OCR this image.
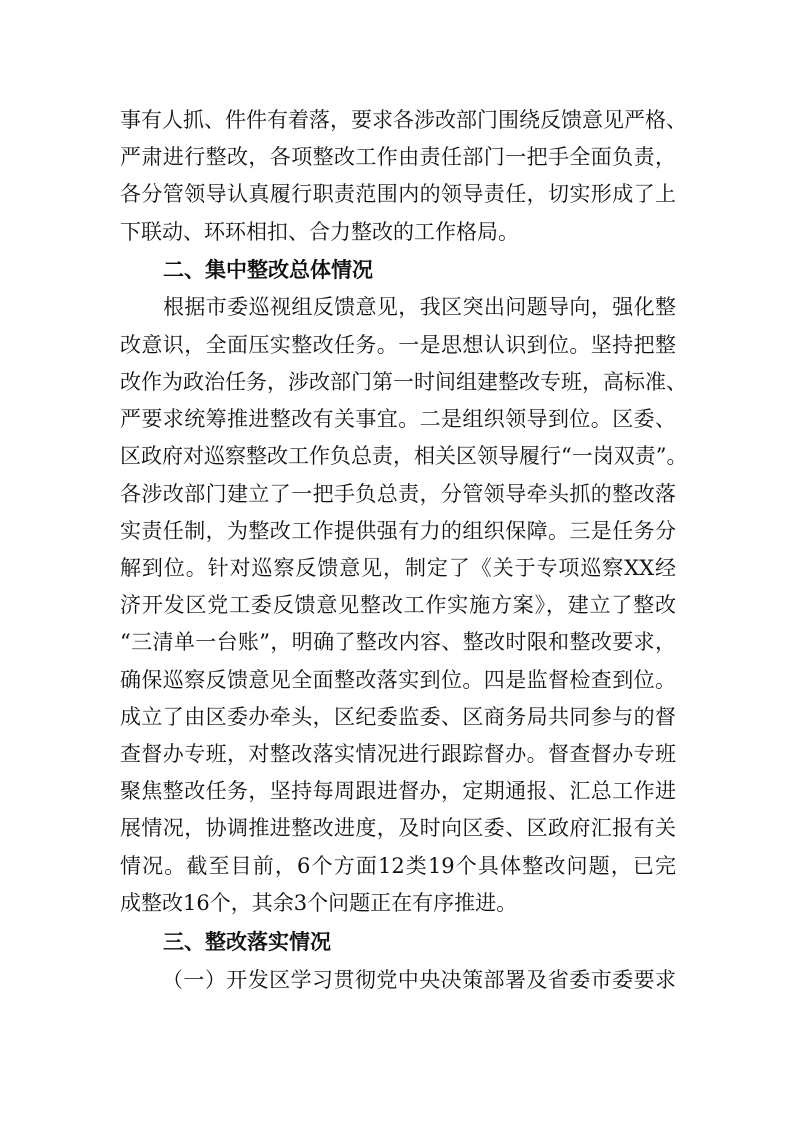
事有人抓、件件有着落，要求各涉改部门围绕反馈意见严格、
严肃进行整改，各项整改工作由责任部门一把手全面负责，
各分管领导认真履行职责范围内的领导责任，切实形成了上
下联动、环环相扣、合力整改的工作格局。
二、集中整改总体情况
根据市委巡视组反馈意见，我区突出问题导向，强化整
改意识，全面压实整改任务。一是思想认识到位。坚持把整
改作为政治任务，涉改部门第一时间组建整改专班，高标准、
严要求统筹推进整改有关事宜。二是组织领导到位。区委、
区政府对巡察整改工作负总责，相关区领导履行“一岗双责”。
各涉改部门建立了一把手负总责，分管领导牵头抓的整改落
实责任制，为整改工作提供强有力的组织保障。三是任务分
解到位。针对巡察反馈意见，制定了《关于专项巡察XX经
济开发区党工委反馈意见整改工作实施方案》，建立了整改
“三清单一台账”，明确了整改内容、整改时限和整改要求，
确保巡察反馈意见全面整改落实到位。四是监督检查到位。
成立了由区委办牵头，区纪委监委、区商务局共同参与的督
查督办专班，对整改落实情况进行跟踪督办。督查督办专班
聚焦整改任务，坚持每周跟进督办，定期通报、汇总工作进
展情况，协调推进整改进度，及时向区委、区政府汇报有关
情况。截至目前，6个方面12类19个具体整改问题，已完
成整改16个，其余3个问题正在有序推进。
三、整改落实情况
（一）开发区学习贯彻党中央决策部署及省委市委要求
